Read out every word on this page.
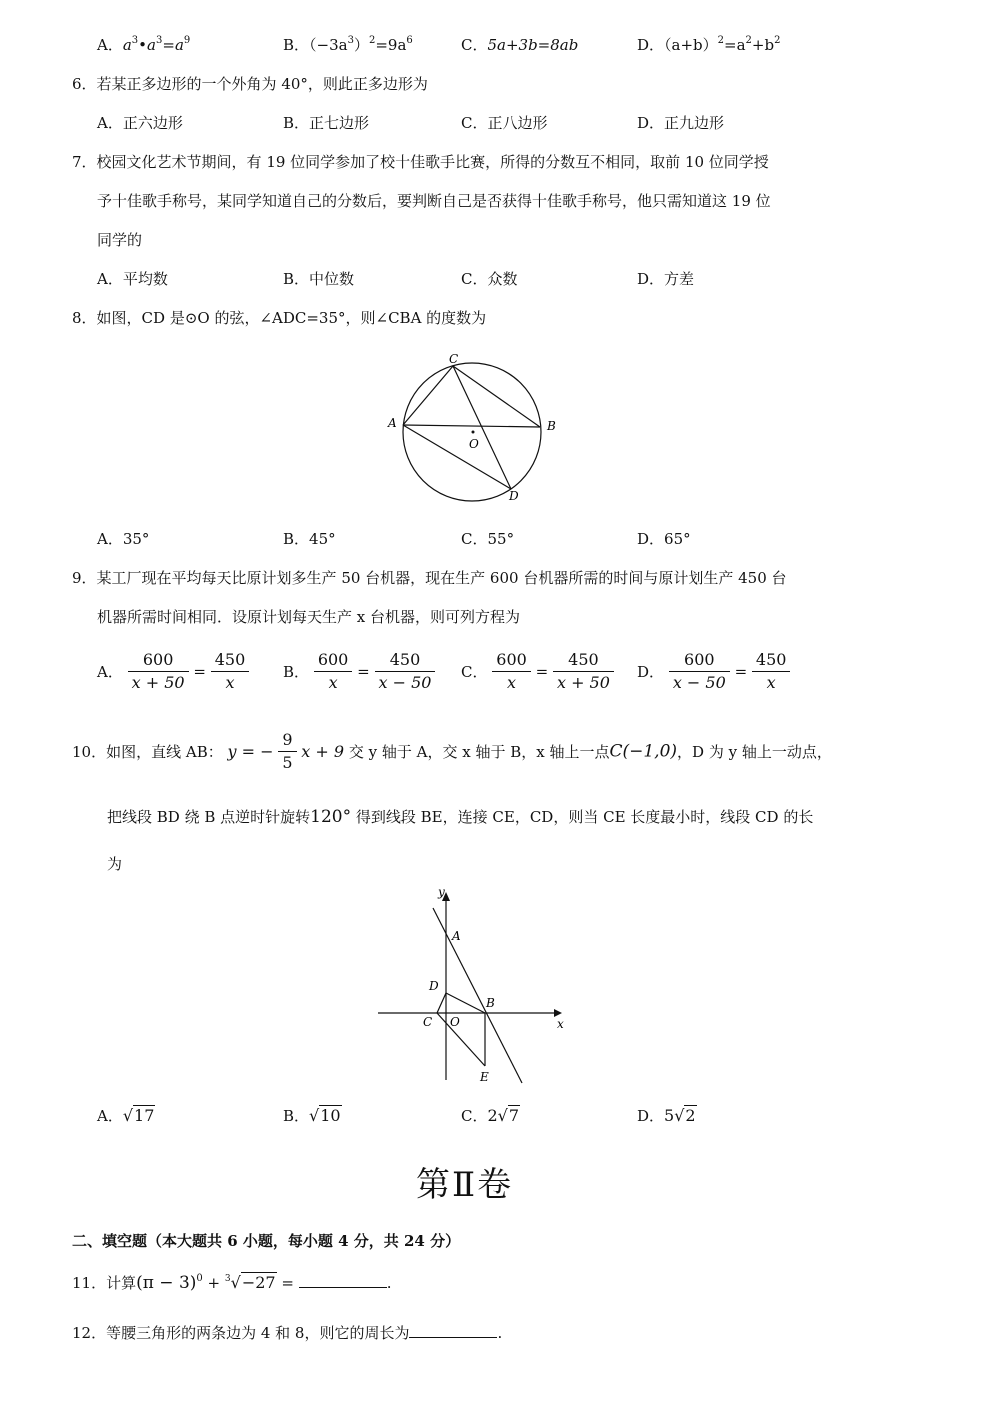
A．$a^3•a^3=a^9$	B．$(-3a^3)^2=9a^6$	C．5a+3b=8ab	D．$(a+b)^2=a^2+b^2$
6．若某正多边形的一个外角为 40°，则此正多边形为
A．正六边形	B．正七边形	C．正八边形	D．正九边形
7．校园文化艺术节期间，有 19 位同学参加了校十佳歌手比赛，所得的分数互不相同，取前 10 位同学授
予十佳歌手称号，某同学知道自己的分数后，要判断自己是否获得十佳歌手称号，他只需知道这 19 位
同学的
A．平均数	B．中位数	C．众数	D．方差
8．如图，CD 是⊙O 的弦，∠ADC=35°，则∠CBA 的度数为
C
A	B
O
D
A．35°	B．45°	C．55°	D．65°
9．某工厂现在平均每天比原计划多生产 50 台机器，现在生产 600 台机器所需的时间与原计划生产 450 台
机器所需时间相同．设原计划每天生产 x 台机器，则可列方程为
A． $\frac{600}{x + 50} = \frac{450}{x}$ B． $\frac{600}{x} = \frac{450}{x - 50}$ C． $\frac{600}{x} = \frac{450}{x + 50}$ D． $\frac{600}{x - 50} = \frac{450}{x}$
10．如图，直线 AB： y = − $\frac{9}{5}$ x + 9 交 y 轴于 A，交 x 轴于 B，x 轴上一点C(−1,0)，D 为 y 轴上一动点，
把线段 BD 绕 B 点逆时针旋转120° 得到线段 BE，连接 CE，CD，则当 CE 长度最小时，线段 CD 的长
为
y
x
A
D
B
C O
E
A．√17	B．√10	C．2√7	D．5√2
第Ⅱ卷
二、填空题（本大题共 6 小题，每小题 4 分，共 24 分）
11．计算$(\pi - 3)^0 + ^3√-27$ =	.
12．等腰三角形的两条边为 4 和 8，则它的周长为	.
